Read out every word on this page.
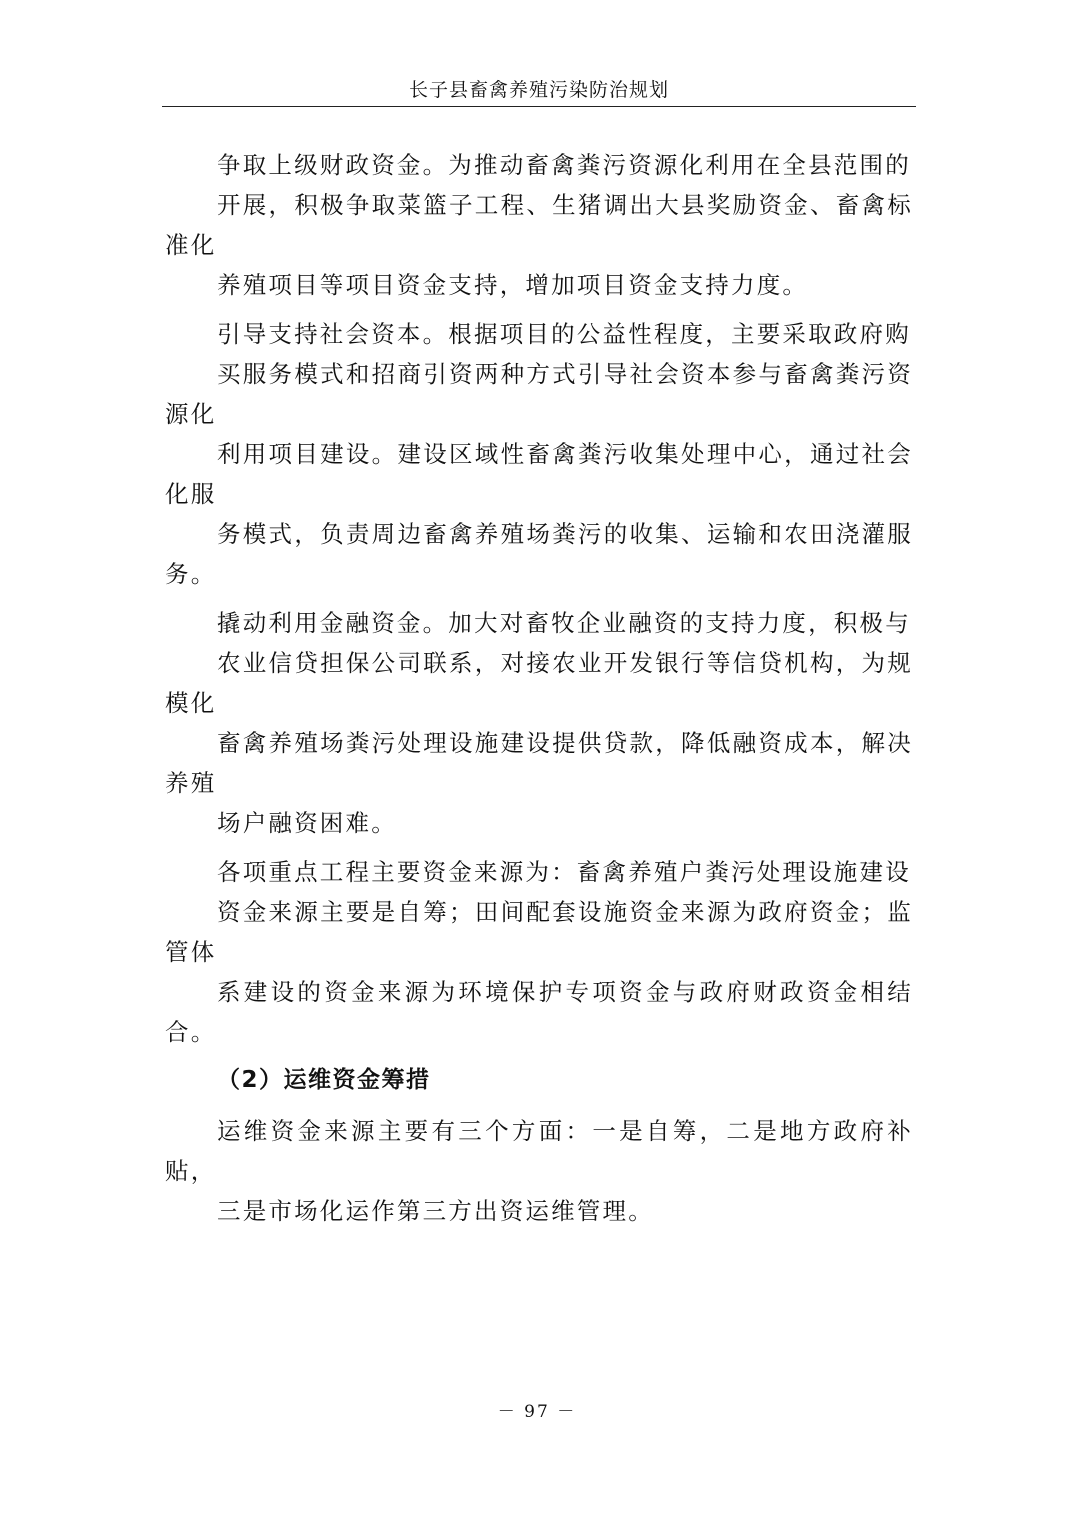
长子县畜禽养殖污染防治规划

争取上级财政资金。为推动畜禽粪污资源化利用在全县范围的
开展，积极争取菜篮子工程、生猪调出大县奖励资金、畜禽标准化
养殖项目等项目资金支持，增加项目资金支持力度。

引导支持社会资本。根据项目的公益性程度，主要采取政府购
买服务模式和招商引资两种方式引导社会资本参与畜禽粪污资源化
利用项目建设。建设区域性畜禽粪污收集处理中心，通过社会化服
务模式，负责周边畜禽养殖场粪污的收集、运输和农田浇灌服务。

撬动利用金融资金。加大对畜牧企业融资的支持力度，积极与
农业信贷担保公司联系，对接农业开发银行等信贷机构，为规模化
畜禽养殖场粪污处理设施建设提供贷款，降低融资成本，解决养殖
场户融资困难。

各项重点工程主要资金来源为：畜禽养殖户粪污处理设施建设
资金来源主要是自筹；田间配套设施资金来源为政府资金；监管体
系建设的资金来源为环境保护专项资金与政府财政资金相结合。

（2）运维资金筹措

运维资金来源主要有三个方面：一是自筹，二是地方政府补贴，
三是市场化运作第三方出资运维管理。

－ 97 －
